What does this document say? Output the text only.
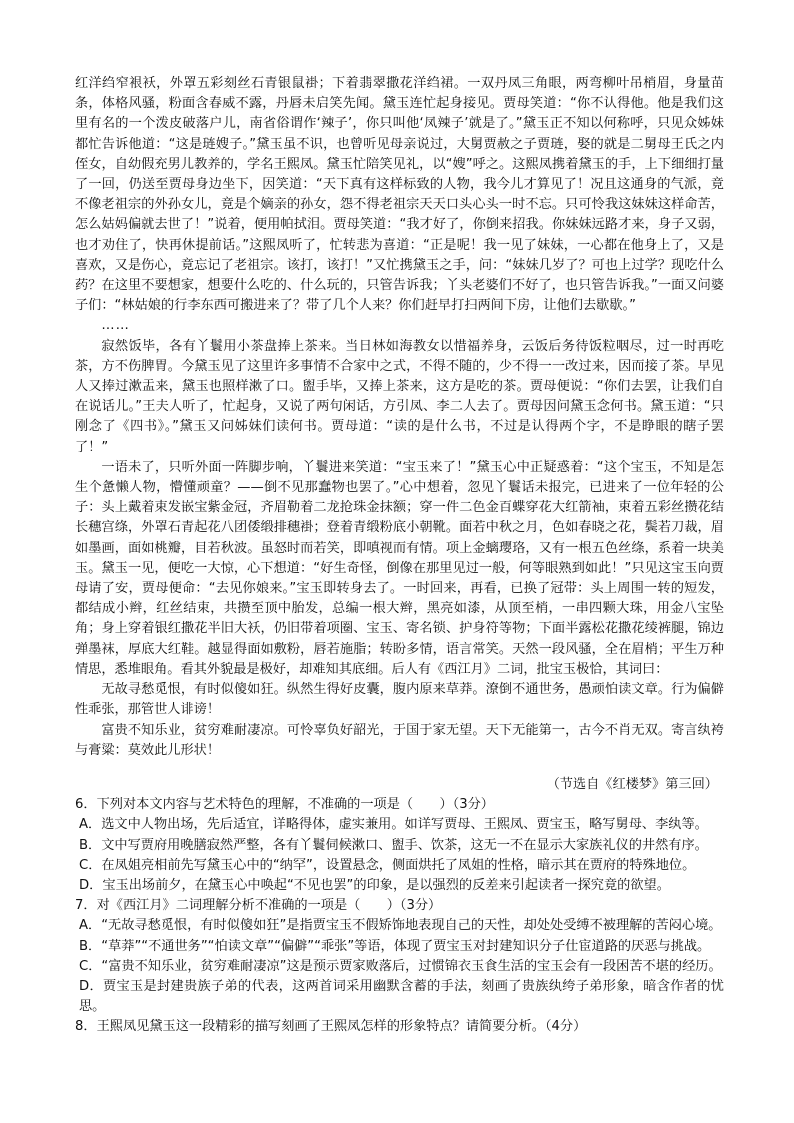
红洋绉窄裉袄，外罩五彩刻丝石青银鼠褂；下着翡翠撒花洋绉裙。一双丹凤三角眼，两弯柳叶吊梢眉，身量苗条，体格风骚，粉面含春威不露，丹唇未启笑先闻。黛玉连忙起身接见。贾母笑道：“你不认得他。他是我们这里有名的一个泼皮破落户儿，南省俗谓作‘辣子’，你只叫他‘凤辣子’就是了。”黛玉正不知以何称呼，只见众姊妹都忙告诉他道：“这是琏嫂子。”黛玉虽不识，也曾听见母亲说过，大舅贾赦之子贾琏，娶的就是二舅母王氏之内侄女，自幼假充男儿教养的，学名王熙凤。黛玉忙陪笑见礼，以“嫂”呼之。这熙凤携着黛玉的手，上下细细打量了一回，仍送至贾母身边坐下，因笑道：“天下真有这样标致的人物，我今儿才算见了！况且这通身的气派，竟不像老祖宗的外孙女儿，竟是个嫡亲的孙女，怨不得老祖宗天天口头心头一时不忘。只可怜我这妹妹这样命苦，怎么姑妈偏就去世了！”说着，便用帕拭泪。贾母笑道：“我才好了，你倒来招我。你妹妹远路才来，身子又弱，也才劝住了，快再休提前话。”这熙凤听了，忙转悲为喜道：“正是呢！我一见了妹妹，一心都在他身上了，又是喜欢，又是伤心，竟忘记了老祖宗。该打，该打！”又忙携黛玉之手，问：“妹妹几岁了？可也上过学？现吃什么药？在这里不要想家，想要什么吃的、什么玩的，只管告诉我；丫头老婆们不好了，也只管告诉我。”一面又问婆子们：“林姑娘的行李东西可搬进来了？带了几个人来？你们赶早打扫两间下房，让他们去歇歇。”

……

寂然饭毕，各有丫鬟用小茶盘捧上茶来。当日林如海教女以惜福养身，云饭后务待饭粒咽尽，过一时再吃茶，方不伤脾胃。今黛玉见了这里许多事情不合家中之式，不得不随的，少不得一一改过来，因而接了茶。早见人又捧过漱盂来，黛玉也照样漱了口。盥手毕，又捧上茶来，这方是吃的茶。贾母便说：“你们去罢，让我们自在说话儿。”王夫人听了，忙起身，又说了两句闲话，方引凤、李二人去了。贾母因问黛玉念何书。黛玉道：“只刚念了《四书》。”黛玉又问姊妹们读何书。贾母道：“读的是什么书，不过是认得两个字，不是睁眼的瞎子罢了！”

一语未了，只听外面一阵脚步响，丫鬟进来笑道：“宝玉来了！”黛玉心中正疑惑着：“这个宝玉，不知是怎生个惫懒人物，懵懂顽童？——倒不见那蠢物也罢了。”心中想着，忽见丫鬟话未报完，已进来了一位年轻的公子：头上戴着束发嵌宝紫金冠，齐眉勒着二龙抢珠金抹额；穿一件二色金百蝶穿花大红箭袖，束着五彩丝攒花结长穗宫绦，外罩石青起花八团倭缎排穗褂；登着青缎粉底小朝靴。面若中秋之月，色如春晓之花，鬓若刀裁，眉如墨画，面如桃瓣，目若秋波。虽怒时而若笑，即嗔视而有情。项上金螭璎珞，又有一根五色丝绦，系着一块美玉。黛玉一见，便吃一大惊，心下想道：“好生奇怪，倒像在那里见过一般，何等眼熟到如此！”只见这宝玉向贾母请了安，贾母便命：“去见你娘来。”宝玉即转身去了。一时回来，再看，已换了冠带：头上周围一转的短发，都结成小辫，红丝结束，共攒至顶中胎发，总编一根大辫，黑亮如漆，从顶至梢，一串四颗大珠，用金八宝坠角；身上穿着银红撒花半旧大袄，仍旧带着项圈、宝玉、寄名锁、护身符等物；下面半露松花撒花绫裤腿，锦边弹墨袜，厚底大红鞋。越显得面如敷粉，唇若施脂；转盼多情，语言常笑。天然一段风骚，全在眉梢；平生万种情思，悉堆眼角。看其外貌最是极好，却难知其底细。后人有《西江月》二词，批宝玉极恰，其词曰：

无故寻愁觅恨，有时似傻如狂。纵然生得好皮囊，腹内原来草莽。潦倒不通世务，愚顽怕读文章。行为偏僻性乖张，那管世人诽谤！

富贵不知乐业，贫穷难耐凄凉。可怜辜负好韶光，于国于家无望。天下无能第一，古今不肖无双。寄言纨袴与膏粱：莫效此儿形状！

（节选自《红楼梦》第三回）

6．下列对本文内容与艺术特色的理解，不准确的一项是（　　）（3分）

A．选文中人物出场，先后适宜，详略得体，虚实兼用。如详写贾母、王熙凤、贾宝玉，略写舅母、李纨等。

B．文中写贾府用晚膳寂然严整，各有丫鬟伺候漱口、盥手、饮茶，这无一不在显示大家族礼仪的井然有序。

C．在凤姐亮相前先写黛玉心中的“纳罕”，设置悬念，侧面烘托了凤姐的性格，暗示其在贾府的特殊地位。

D．宝玉出场前夕，在黛玉心中唤起“不见也罢”的印象，是以强烈的反差来引起读者一探究竟的欲望。

7．对《西江月》二词理解分析不准确的一项是（　　）（3分）

A．“无故寻愁觅恨，有时似傻如狂”是指贾宝玉不假矫饰地表现自己的天性，却处处受缚不被理解的苦闷心境。

B．“草莽”“不通世务”“怕读文章”“偏僻”“乖张”等语，体现了贾宝玉对封建知识分子仕宦道路的厌恶与挑战。

C．“富贵不知乐业，贫穷难耐凄凉”这是预示贾家败落后，过惯锦衣玉食生活的宝玉会有一段困苦不堪的经历。

D．贾宝玉是封建贵族子弟的代表，这两首词采用幽默含蓄的手法，刻画了贵族纨绔子弟形象，暗含作者的忧思。

8．王熙凤见黛玉这一段精彩的描写刻画了王熙凤怎样的形象特点？请简要分析。（4分）
